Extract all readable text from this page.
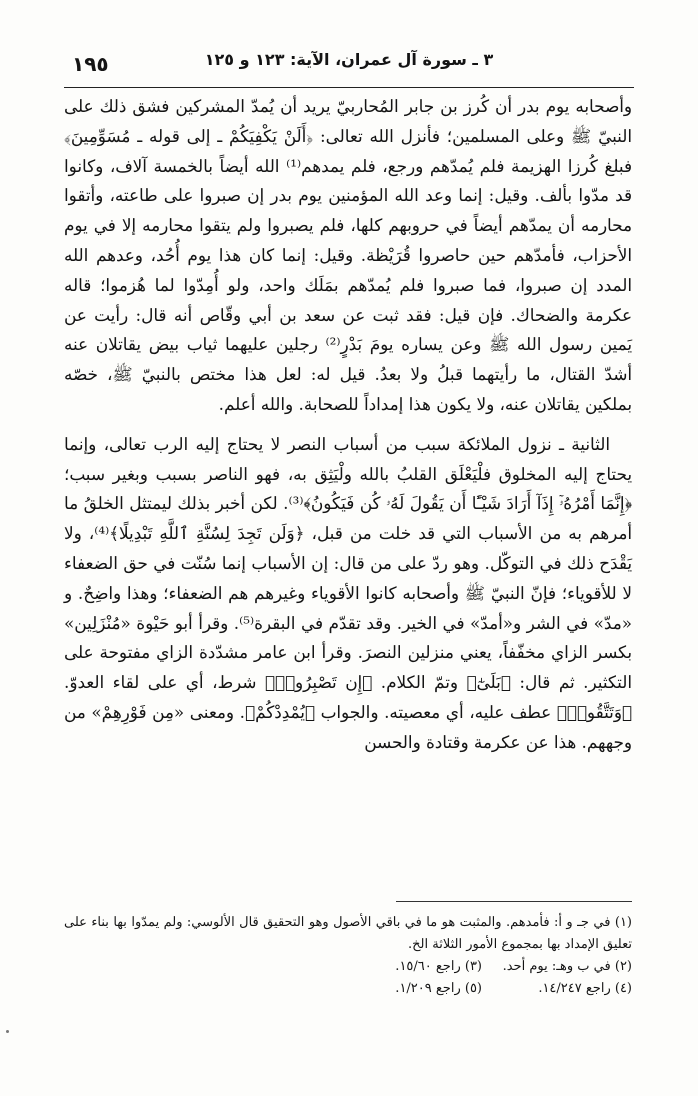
٣ ـ سورة آل عمران، الآية: ١٢٣ و ١٢٥
١٩٥

وأصحابه يوم بدر أن كُرز بن جابر المُحاربيّ يريد أن يُمدّ المشركين فشق ذلك على النبيّ ﷺ وعلى المسلمين؛ فأنزل الله تعالى: ﴿أَلَنْ يَكْفِيَكُمْ ـ إلى قوله ـ مُسَوِّمِينَ﴾ فبلغ كُرزا الهزيمة فلم يُمدّهم ورجع، فلم يمدهم⁽¹⁾ الله أيضاً بالخمسة آلاف، وكانوا قد مدّوا بألف. وقيل: إنما وعد الله المؤمنين يوم بدر إن صبروا على طاعته، وأتقوا محارمه أن يمدّهم أيضاً في حروبهم كلها، فلم يصبروا ولم يتقوا محارمه إلا في يوم الأحزاب، فأمدّهم حين حاصروا قُرَيْظة. وقيل: إنما كان هذا يوم أُحُد، وعدهم الله المدد إن صبروا، فما صبروا فلم يُمدّهم بمَلَك واحد، ولو أُمِدّوا لما هُزموا؛ قاله عكرمة والضحاك. فإن قيل: فقد ثبت عن سعد بن أبي وقّاص أنه قال: رأيت عن يَمين رسول الله ﷺ وعن يساره يومَ بَدْرٍ⁽²⁾ رجلين عليهما ثياب بيض يقاتلان عنه أشدّ القتال، ما رأيتهما قبلُ ولا بعدُ. قيل له: لعل هذا مختص بالنبيّ ﷺ، خصّه بملكين يقاتلان عنه، ولا يكون هذا إمداداً للصحابة. والله أعلم.

الثانية ـ نزول الملائكة سبب من أسباب النصر لا يحتاج إليه الرب تعالى، وإنما يحتاج إليه المخلوق فلْيَعْلَق القلبُ بالله ولْيَثِق به، فهو الناصر بسبب وبغير سبب؛ ﴿إِنَّمَا أَمْرُهُۥٓ إِذَآ أَرَادَ شَيْـًٔا أَن يَقُولَ لَهُۥ كُن فَيَكُونُ﴾⁽³⁾. لكن أخبر بذلك ليمتثل الخلقُ ما أمرهم به من الأسباب التي قد خلت من قبل، ﴿وَلَن تَجِدَ لِسُنَّةِ ٱللَّهِ تَبْدِيلًا﴾⁽⁴⁾، ولا يَقْدَح ذلك في التوكّل. وهو ردّ على من قال: إن الأسباب إنما سُنّت في حق الضعفاء لا للأقوياء؛ فإنّ النبيّ ﷺ وأصحابه كانوا الأقوياء وغيرهم هم الضعفاء؛ وهذا واضِحٌ. و «مدّ» في الشر و«أمدّ» في الخير. وقد تقدّم في البقرة⁽⁵⁾. وقرأ أبو حَيْوة «مُنْزَلِين» بكسر الزاي مخفّفاً، يعني منزلين النصرَ. وقرأ ابن عامر مشدّدة الزاي مفتوحة على التكثير. ثم قال: ﴿بَلَىٰٓ﴾ وتمّ الكلام. ﴿إِن تَصْبِرُوا۟﴾ شرط، أي على لقاء العدوّ. ﴿وَتَتَّقُوا۟﴾ عطف عليه، أي معصيته. والجواب ﴿يُمْدِدْكُمْ﴾. ومعنى «مِن فَوْرِهِمْ» من وجههم. هذا عن عكرمة وقتادة والحسن

(١) في جـ و أ: فأمدهم. والمثبت هو ما في باقي الأصول وهو التحقيق قال الألوسي: ولم يمدّوا بها بناء على تعليق الإمداد بها بمجموع الأمور الثلاثة الخ.

(٢) في ب وهـ: يوم أحد.
(٣) راجع ١٥/٦٠.
(٤) راجع ١٤/٢٤٧.
(٥) راجع ١/٢٠٩.
